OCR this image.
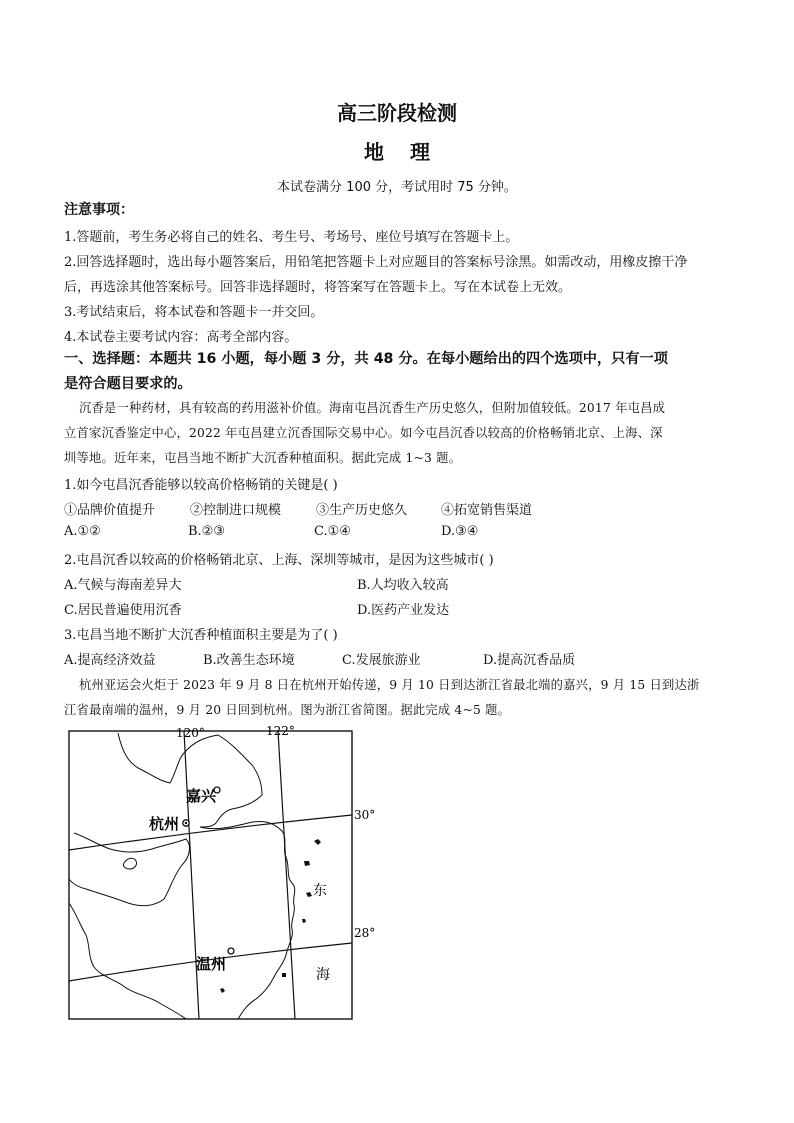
高三阶段检测
地理
本试卷满分 100 分，考试用时 75 分钟。
注意事项：
1.答题前，考生务必将自己的姓名、考生号、考场号、座位号填写在答题卡上。
2.回答选择题时，选出每小题答案后，用铅笔把答题卡上对应题目的答案标号涂黑。如需改动，用橡皮擦干净
后，再选涂其他答案标号。回答非选择题时，将答案写在答题卡上。写在本试卷上无效。
3.考试结束后，将本试卷和答题卡一并交回。
4.本试卷主要考试内容：高考全部内容。
一、选择题：本题共 16 小题，每小题 3 分，共 48 分。在每小题给出的四个选项中，只有一项
是符合题目要求的。
沉香是一种药材，具有较高的药用滋补价值。海南屯昌沉香生产历史悠久，但附加值较低。2017 年屯昌成
立首家沉香鉴定中心，2022 年屯昌建立沉香国际交易中心。如今屯昌沉香以较高的价格畅销北京、上海、深
圳等地。近年来，屯昌当地不断扩大沉香种植面积。据此完成 1~3 题。
1.如今屯昌沉香能够以较高价格畅销的关键是( )
①品牌价值提升	②控制进口规模	③生产历史悠久	④拓宽销售渠道
A.①②	B.②③	C.①④	D.③④
2.屯昌沉香以较高的价格畅销北京、上海、深圳等城市，是因为这些城市( )
A.气候与海南差异大	B.人均收入较高
C.居民普遍使用沉香	D.医药产业发达
3.屯昌当地不断扩大沉香种植面积主要是为了( )
A.提高经济效益	B.改善生态环境	C.发展旅游业	D.提高沉香品质
杭州亚运会火炬于 2023 年 9 月 8 日在杭州开始传递，9 月 10 日到达浙江省最北端的嘉兴，9 月 15 日到达浙
江省最南端的温州，9 月 20 日回到杭州。图为浙江省简图。据此完成 4~5 题。
120°	122°
30°
28°
嘉兴
杭州
温州
东
海
